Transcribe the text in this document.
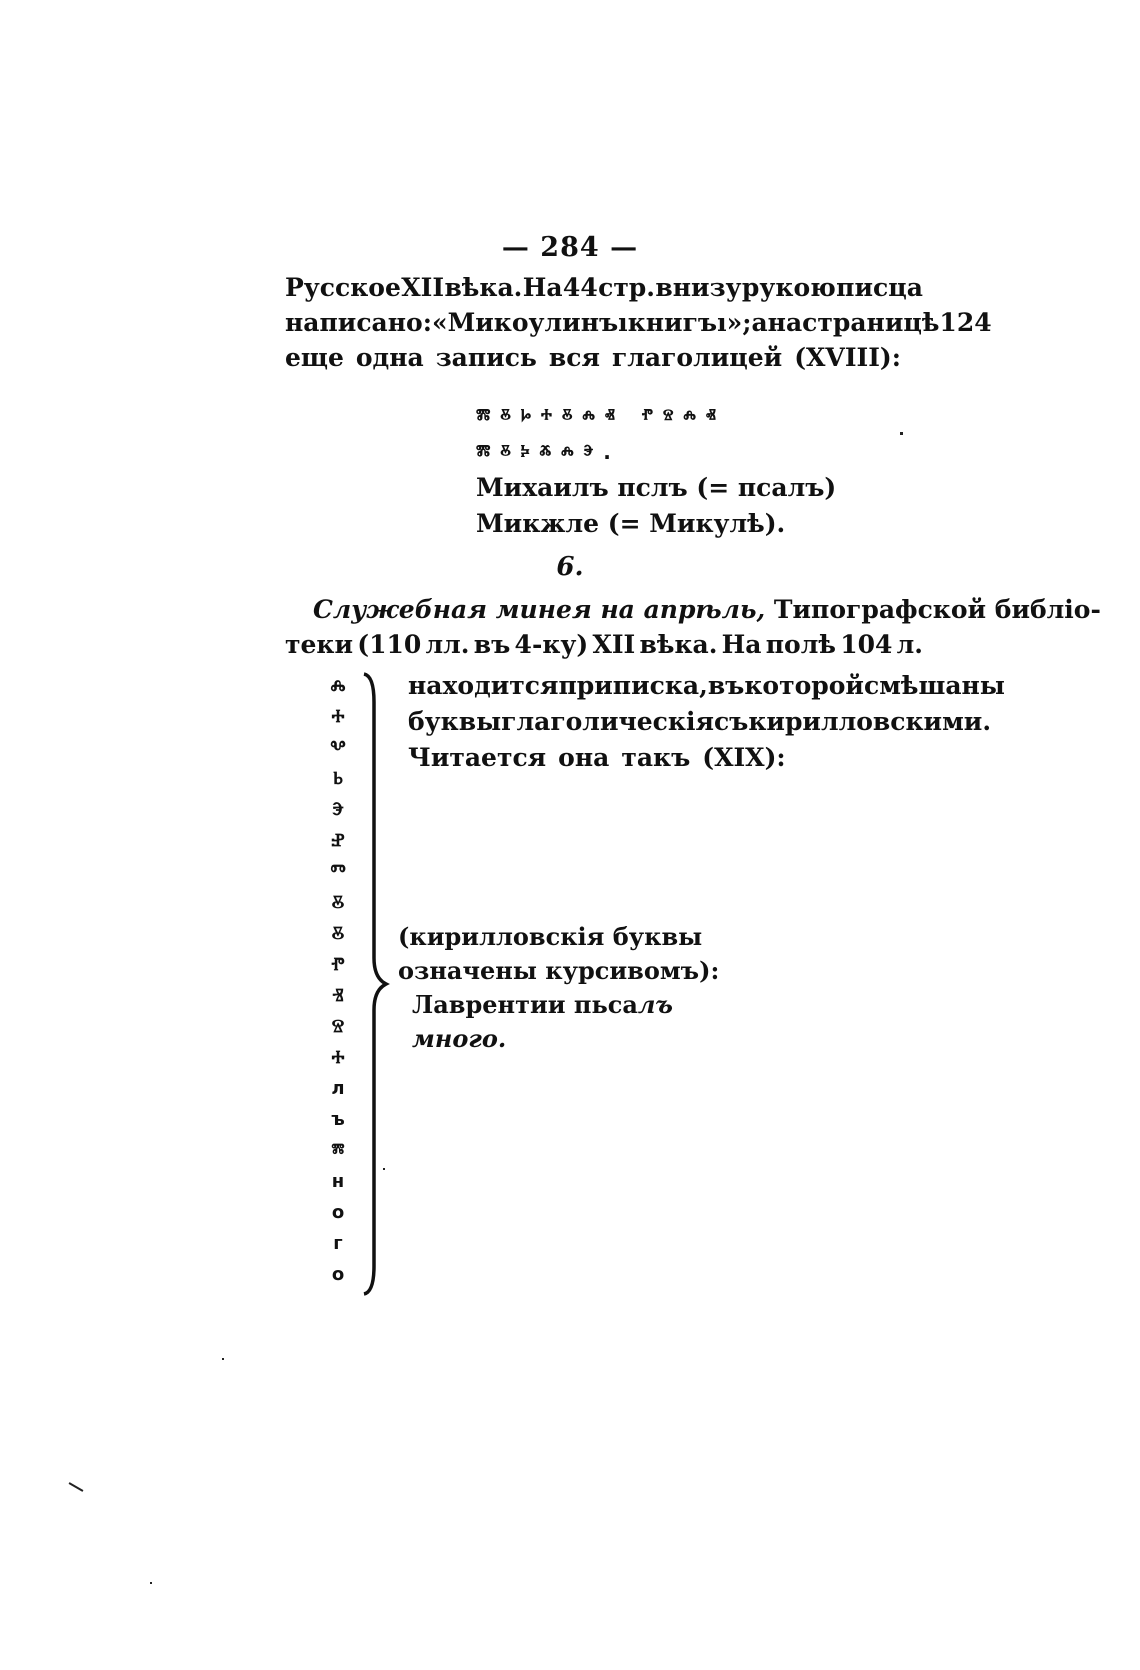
— 284 —
Русское XII вѣка. На 44 стр. внизу рукою писца
написано: «Микоулинъı книгъı»; а на страницѣ 124
еще одна запись вся глаголицей (XVIII):
ⰿⰻⱈⰰⰻⰾⱏ ⱂⱄⰾⱏ
ⰿⰻⰽⰶⰾⰵ.
Михаилъ пслъ (= псалъ)
Микжле (= Микулѣ).
6.
Служебная минея на апрѣль, Типографской библіо-
теки (110 лл. въ 4-ку) XII вѣка. На полѣ 104 л.
Ⰾ
Ⰰ
Ⰲ
Ⱃ
Ⰵ
Ⱀ
Ⱅ
Ⰻ
Ⰻ
Ⱂ
Ⱐ
Ⱄ
Ⰰ
л
ъ
ⰿ
н
о
г
о
находится приписка, въ которой смѣшаны
буквы глаголическія съ кирилловскими.
Читается она такъ (XIX):
(кирилловскія буквы
означены курсивомъ):
Лаврентии пьсалъ
много.
